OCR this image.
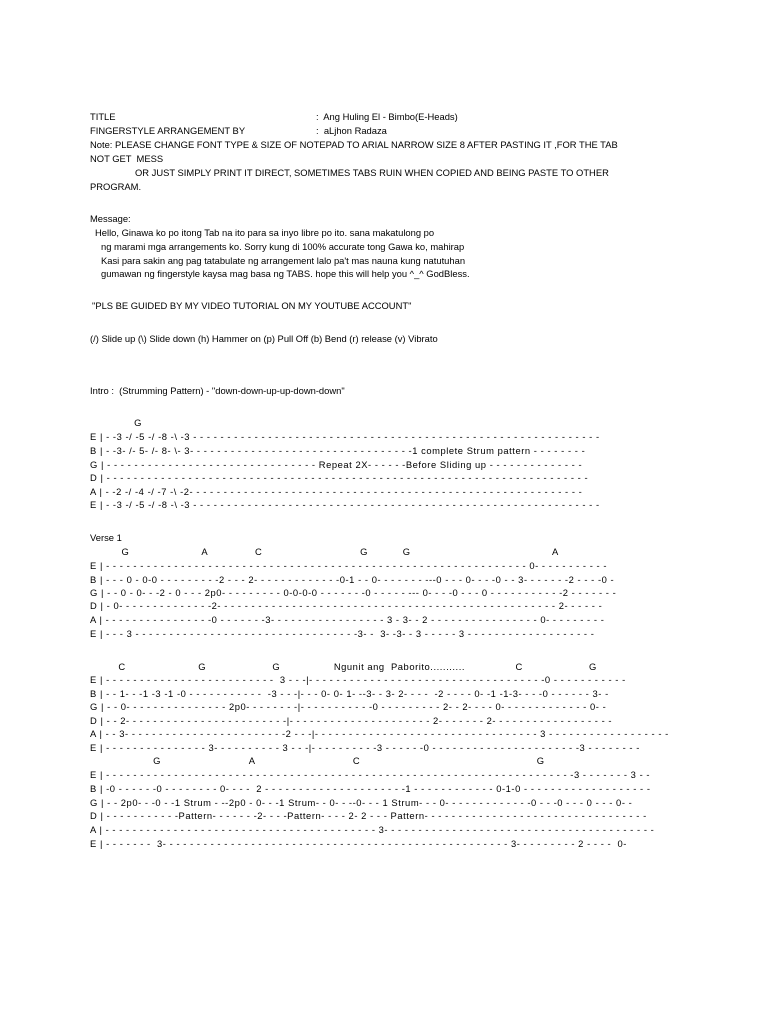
TITLE	:  Ang Huling El - Bimbo(E-Heads)
FINGERSTYLE ARRANGEMENT BY	:  aLjhon Radaza
Note: PLEASE CHANGE FONT TYPE & SIZE OF NOTEPAD TO ARIAL NARROW SIZE 8 AFTER PASTING IT ,FOR THE TAB
NOT GET  MESS
OR JUST SIMPLY PRINT IT DIRECT, SOMETIMES TABS RUIN WHEN COPIED AND BEING PASTE TO OTHER
PROGRAM.
Message:
Hello, Ginawa ko po itong Tab na ito para sa inyo libre po ito. sana makatulong po
ng marami mga arrangements ko. Sorry kung di 100% accurate tong Gawa ko, mahirap
Kasi para sakin ang pag tatabulate ng arrangement lalo pa't mas nauna kung natutuhan
gumawan ng fingerstyle kaysa mag basa ng TABS. hope this will help you ^_^ GodBless.
"PLS BE GUIDED BY MY VIDEO TUTORIAL ON MY YOUTUBE ACCOUNT"
(/) Slide up (\) Slide down (h) Hammer on (p) Pull Off (b) Bend (r) release (v) Vibrato
Intro :  (Strumming Pattern) - "down-down-up-up-down-down"
G
E | - -3 -/ -5 -/ -8 -\ -3 - - - - - - - - - - - - - - - - - - - - - - - - - - - - - - - - - - - - - - - - - - - - - - - - - - - - - - - - - - - -
B | - -3- /- 5- /- 8- \- 3- - - - - - - - - - - - - - - - - - - - - - - - - - - - - - - - -1 complete Strum pattern - - - - - - - -
G | - - - - - - - - - - - - - - - - - - - - - - - - - - - - - - - Repeat 2X- - - - - -Before Sliding up - - - - - - - - - - - - - -
D | - - - - - - - - - - - - - - - - - - - - - - - - - - - - - - - - - - - - - - - - - - - - - - - - - - - - - - - - - - - - - - - - - - - - - - -
A | - -2 -/ -4 -/ -7 -\ -2- - - - - - - - - - - - - - - - - - - - - - - - - - - - - - - - - - - - - - - - - - - - - - - - - - - - - - - - - -
E | - -3 -/ -5 -/ -8 -\ -3 - - - - - - - - - - - - - - - - - - - - - - - - - - - - - - - - - - - - - - - - - - - - - - - - - - - - - - - - - - - -
Verse 1
G                       A               C                               G           G                                             A
E | - - - - - - - - - - - - - - - - - - - - - - - - - - - - - - - - - - - - - - - - - - - - - - - - - - - - - - - - - - - - - - 0- - - - - - - - - - -
B | - - - 0 - 0-0 - - - - - - - - -2 - - - 2- - - - - - - - - - - - -0-1 - - 0- - - - - - - ---0 - - - 0- - - -0 - - 3- - - - - - -2 - - - -0 -
G | - - 0 - 0- - -2 - 0 - - - 2p0- - - - - - - - - 0-0-0-0 - - - - - - -0 - - - - - --- 0- - - -0 - - - 0 - - - - - - - - - - -2 - - - - - - -
D | - 0- - - - - - - - - - - - - -2- - - - - - - - - - - - - - - - - - - - - - - - - - - - - - - - - - - - - - - - - - - - - - - - - - 2- - - - - -
A | - - - - - - - - - - - - - - - -0 - - - - - - -3- - - - - - - - - - - - - - - - - 3 - 3- - 2 - - - - - - - - - - - - - - - - 0- - - - - - - - -
E | - - - 3 - - - - - - - - - - - - - - - - - - - - - - - - - - - - - - - - -3- -  3- -3- - 3 - - - - - 3 - - - - - - - - - - - - - - - - - - -
C                       G                     G                 Ngunit ang  Paborito...........                C                     G
E | - - - - - - - - - - - - - - - - - - - - - - - - -  3 - - -|- - - - - - - - - - - - - - - - - - - - - - - - - - - - - - - - - - -0 - - - - - - - - - - -
B | - - 1- - -1 -3 -1 -0 - - - - - - - - - - -  -3 - - -|- - - 0- 0- 1- --3- - 3- 2- - - -  -2 - - - - 0- -1 -1-3- - - -0 - - - - - - 3- -
G | - - 0- - - - - - - - - - - - - - - 2p0- - - - - - - -|- - - - - - - - - - -0 - - - - - - - - - 2- - 2- - - - 0- - - - - - - - - - - - - 0- -
D | - - 2- - - - - - - - - - - - - - - - - - - - - - - -|- - - - - - - - - - - - - - - - - - - - - 2- - - - - - - 2- - - - - - - - - - - - - - - - - -
A | - - 3- - - - - - - - - - - - - - - - - - - - - - - -2 - - -|- - - - - - - - - - - - - - - - - - - - - - - - - - - - - - - - - 3 - - - - - - - - - - - - - - - - - -
E | - - - - - - - - - - - - - - - 3- - - - - - - - - - 3 - - -|- - - - - - - - - -3 - - - - - -0 - - - - - - - - - - - - - - - - - - - - - -3 - - - - - - - -
G                            A                               C                                                        G
E | - - - - - - - - - - - - - - - - - - - - - - - - - - - - - - - - - - - - - - - - - - - - - - - - - - - - - - - - - - - - - - - - - - - - -3 - - - - - - - 3 - -
B | -0 - - - - - -0 - - - - - - - - 0- - - -  2 - - - - - - - - - - - - - - - - - - - - -1 - - - - - - - - - - - - 0-1-0 - - - - - - - - - - - - - - - - - - -
G | - - 2p0- - -0 - -1 Strum - --2p0 - 0- - -1 Strum- - 0- - --0- - - 1 Strum- - - 0- - - - - - - - - - - - -0 - - -0 - - - 0 - - - 0- -
D | - - - - - - - - - - -Pattern- - - - - - -2- - - -Pattern- - - - 2- 2 - - - Pattern- - - - - - - - - - - - - - - - - - - - - - - - - - - - - - - - -
A | - - - - - - - - - - - - - - - - - - - - - - - - - - - - - - - - - - - - - - - - 3- - - - - - - - - - - - - - - - - - - - - - - - - - - - - - - - - - - - - - - -
E | - - - - - - -  3- - - - - - - - - - - - - - - - - - - - - - - - - - - - - - - - - - - - - - - - - - - - - - - - - - - 3- - - - - - - - - 2 - - - -  0-
